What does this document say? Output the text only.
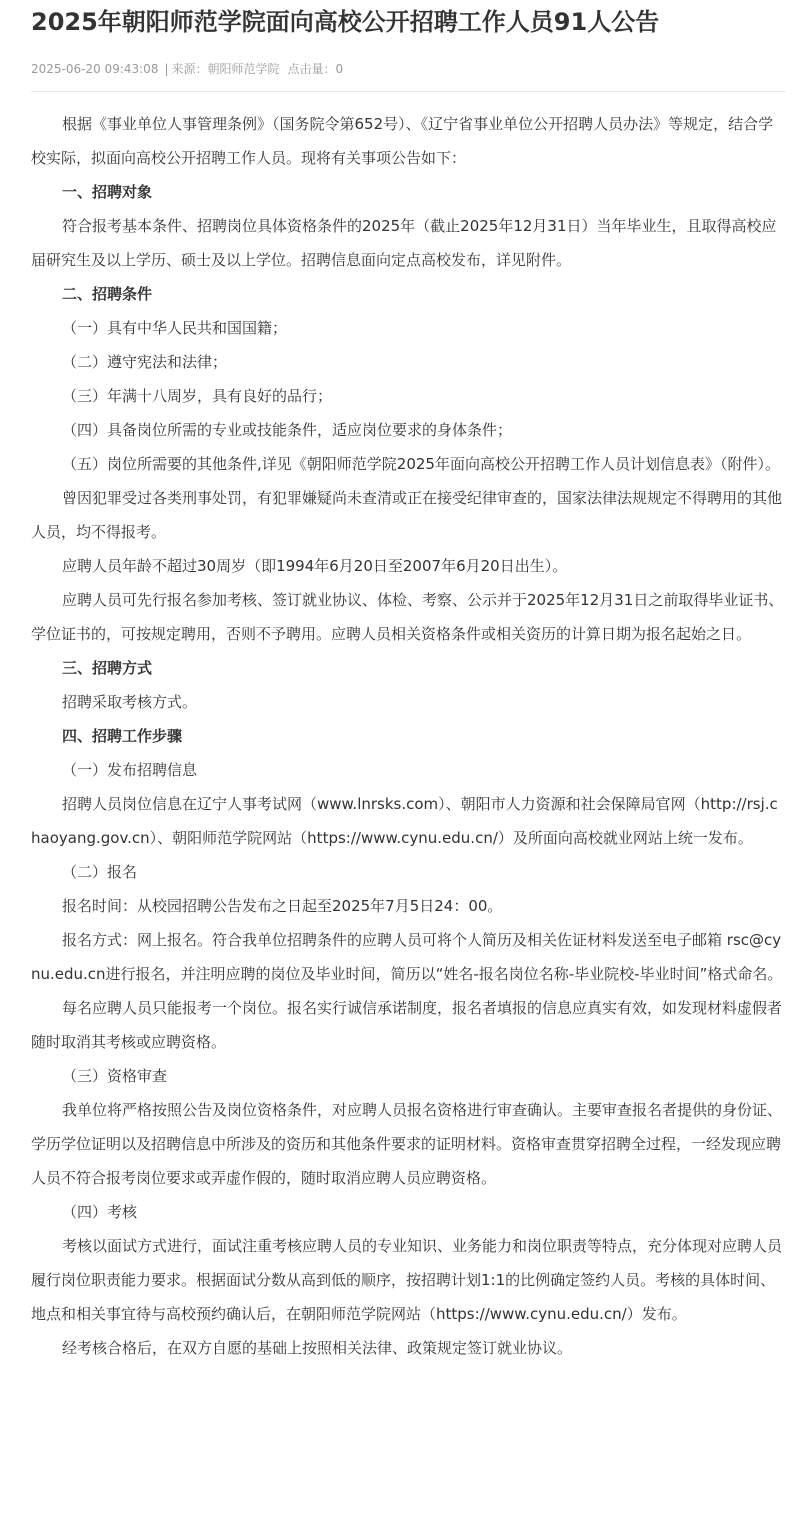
2025年朝阳师范学院面向高校公开招聘工作人员91人公告
2025-06-20 09:43:08 | 来源：朝阳师范学院 点击量：0

根据《事业单位人事管理条例》（国务院令第652号）、《辽宁省事业单位公开招聘人员办法》等规定，结合学校实际，拟面向高校公开招聘工作人员。现将有关事项公告如下：

一、招聘对象

符合报考基本条件、招聘岗位具体资格条件的2025年（截止2025年12月31日）当年毕业生，且取得高校应届研究生及以上学历、硕士及以上学位。招聘信息面向定点高校发布，详见附件。

二、招聘条件

（一）具有中华人民共和国国籍；

（二）遵守宪法和法律；

（三）年满十八周岁，具有良好的品行；

（四）具备岗位所需的专业或技能条件，适应岗位要求的身体条件；

（五）岗位所需要的其他条件,详见《朝阳师范学院2025年面向高校公开招聘工作人员计划信息表》（附件）。

曾因犯罪受过各类刑事处罚，有犯罪嫌疑尚未查清或正在接受纪律审查的，国家法律法规规定不得聘用的其他人员，均不得报考。

应聘人员年龄不超过30周岁（即1994年6月20日至2007年6月20日出生）。

应聘人员可先行报名参加考核、签订就业协议、体检、考察、公示并于2025年12月31日之前取得毕业证书、学位证书的，可按规定聘用，否则不予聘用。应聘人员相关资格条件或相关资历的计算日期为报名起始之日。

三、招聘方式

招聘采取考核方式。

四、招聘工作步骤

（一）发布招聘信息

招聘人员岗位信息在辽宁人事考试网（www.lnrsks.com）、朝阳市人力资源和社会保障局官网（http://rsj.chaoyang.gov.cn）、朝阳师范学院网站（https://www.cynu.edu.cn/）及所面向高校就业网站上统一发布。

（二）报名

报名时间：从校园招聘公告发布之日起至2025年7月5日24：00。

报名方式：网上报名。符合我单位招聘条件的应聘人员可将个人简历及相关佐证材料发送至电子邮箱 rsc@cynu.edu.cn进行报名，并注明应聘的岗位及毕业时间，简历以“姓名-报名岗位名称-毕业院校-毕业时间”格式命名。

每名应聘人员只能报考一个岗位。报名实行诚信承诺制度，报名者填报的信息应真实有效，如发现材料虚假者随时取消其考核或应聘资格。

（三）资格审查

我单位将严格按照公告及岗位资格条件，对应聘人员报名资格进行审查确认。主要审查报名者提供的身份证、学历学位证明以及招聘信息中所涉及的资历和其他条件要求的证明材料。资格审查贯穿招聘全过程，一经发现应聘人员不符合报考岗位要求或弄虚作假的，随时取消应聘人员应聘资格。

（四）考核

考核以面试方式进行，面试注重考核应聘人员的专业知识、业务能力和岗位职责等特点，充分体现对应聘人员履行岗位职责能力要求。根据面试分数从高到低的顺序，按招聘计划1:1的比例确定签约人员。考核的具体时间、地点和相关事宜待与高校预约确认后，在朝阳师范学院网站（https://www.cynu.edu.cn/）发布。

经考核合格后，在双方自愿的基础上按照相关法律、政策规定签订就业协议。
